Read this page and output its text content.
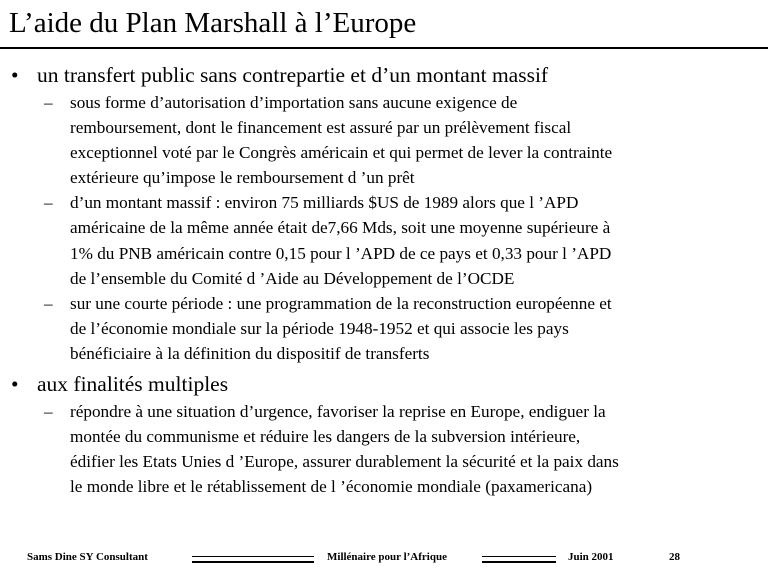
L’aide du Plan Marshall à l’Europe
• un transfert public sans contrepartie et d’un montant massif
– sous forme d’autorisation d’importation sans aucune exigence de
remboursement, dont le financement est assuré par un prélèvement fiscal
exceptionnel voté par le Congrès américain et qui permet de lever la contrainte
extérieure qu’impose le remboursement d ’un prêt
– d’un montant massif : environ 75 milliards $US de 1989 alors que l ’APD
américaine de la même année était de7,66 Mds, soit une moyenne supérieure à
1% du PNB américain contre 0,15 pour l ’APD de ce pays et 0,33 pour l ’APD
de l’ensemble du Comité d ’Aide au Développement de l’OCDE
– sur une courte période : une programmation de la reconstruction européenne et
de l’économie mondiale sur la période 1948-1952 et qui associe les pays
bénéficiaire à la définition du dispositif de transferts
• aux finalités multiples
– répondre à une situation d’urgence, favoriser la reprise en Europe, endiguer la
montée du communisme et réduire les dangers de la subversion intérieure,
édifier les Etats Unies d ’Europe, assurer durablement la sécurité et la paix dans
le monde libre et le rétablissement de l ’économie mondiale (paxamericana)
Sams Dine SY Consultant	Millénaire pour l’Afrique	Juin 2001	28
